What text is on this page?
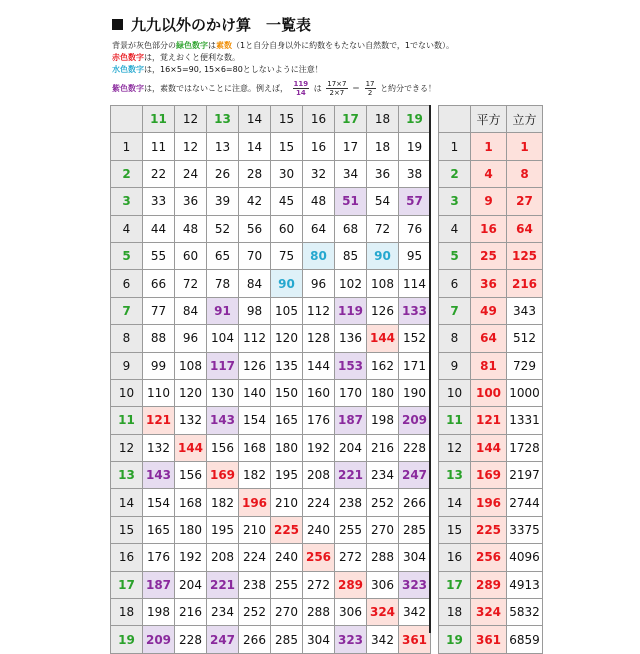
九九以外のかけ算　一覧表
背景が灰色部分の緑色数字は素数（1と自分自身以外に約数をもたない自然数で，1でない数）。
赤色数字は，覚えおくと便利な数。
水色数字は，16×5=90, 15×6=80としないように注意！
紫色数字は，素数ではないことに注意。例えば， $\frac{119}{14}$ は $\frac{17\times 7}{2\times 7} = \frac{17}{2}$ と約分できる！
	11	12	13	14	15	16	17	18	19			平方	立方
1	11	12	13	14	15	16	17	18	19		1	1	1
2	22	24	26	28	30	32	34	36	38		2	4	8
3	33	36	39	42	45	48	51	54	57		3	9	27
4	44	48	52	56	60	64	68	72	76		4	16	64
5	55	60	65	70	75	80	85	90	95		5	25	125
6	66	72	78	84	90	96	102	108	114		6	36	216
7	77	84	91	98	105	112	119	126	133		7	49	343
8	88	96	104	112	120	128	136	144	152		8	64	512
9	99	108	117	126	135	144	153	162	171		9	81	729
10	110	120	130	140	150	160	170	180	190		10	100	1000
11	121	132	143	154	165	176	187	198	209		11	121	1331
12	132	144	156	168	180	192	204	216	228		12	144	1728
13	143	156	169	182	195	208	221	234	247		13	169	2197
14	154	168	182	196	210	224	238	252	266		14	196	2744
15	165	180	195	210	225	240	255	270	285		15	225	3375
16	176	192	208	224	240	256	272	288	304		16	256	4096
17	187	204	221	238	255	272	289	306	323		17	289	4913
18	198	216	234	252	270	288	306	324	342		18	324	5832
19	209	228	247	266	285	304	323	342	361		19	361	6859
